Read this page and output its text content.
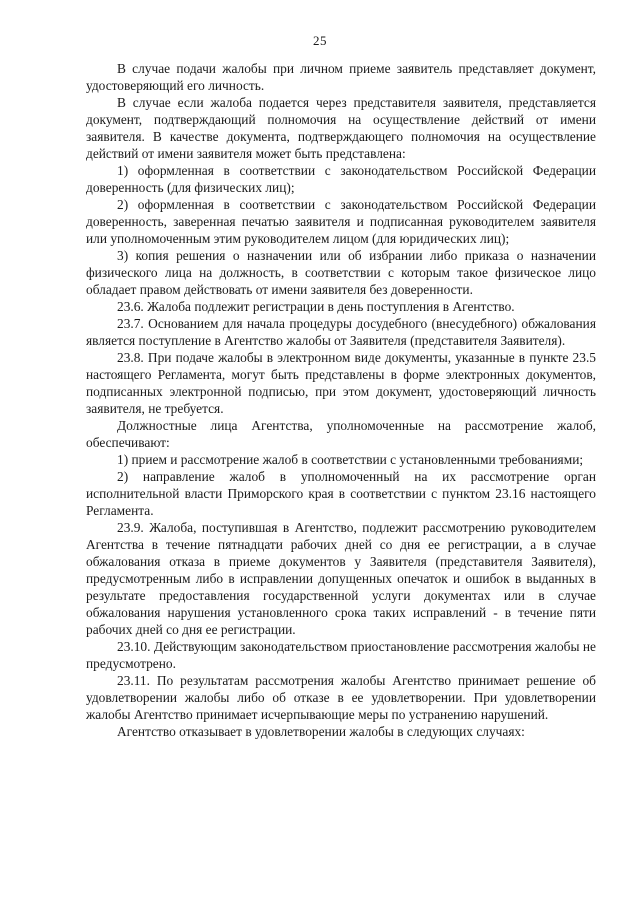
25

В случае подачи жалобы при личном приеме заявитель представляет документ, удостоверяющий его личность.

В случае если жалоба подается через представителя заявителя, представляется документ, подтверждающий полномочия на осуществление действий от имени заявителя. В качестве документа, подтверждающего полномочия на осуществление действий от имени заявителя может быть представлена:

1) оформленная в соответствии с законодательством Российской Федерации доверенность (для физических лиц);

2) оформленная в соответствии с законодательством Российской Федерации доверенность, заверенная печатью заявителя и подписанная руководителем заявителя или уполномоченным этим руководителем лицом (для юридических лиц);

3) копия решения о назначении или об избрании либо приказа о назначении физического лица на должность, в соответствии с которым такое физическое лицо обладает правом действовать от имени заявителя без доверенности.

23.6. Жалоба подлежит регистрации в день поступления в Агентство.

23.7. Основанием для начала процедуры досудебного (внесудебного) обжалования является поступление в Агентство жалобы от Заявителя (представителя Заявителя).

23.8. При подаче жалобы в электронном виде документы, указанные в пункте 23.5 настоящего Регламента, могут быть представлены в форме электронных документов, подписанных электронной подписью, при этом документ, удостоверяющий личность заявителя, не требуется.

Должностные лица Агентства, уполномоченные на рассмотрение жалоб, обеспечивают:

1) прием и рассмотрение жалоб в соответствии с установленными требованиями;

2) направление жалоб в уполномоченный на их рассмотрение орган исполнительной власти Приморского края в соответствии с пунктом 23.16 настоящего Регламента.

23.9. Жалоба, поступившая в Агентство, подлежит рассмотрению руководителем Агентства в течение пятнадцати рабочих дней со дня ее регистрации, а в случае обжалования отказа в приеме документов у Заявителя (представителя Заявителя), предусмотренным либо в исправлении допущенных опечаток и ошибок в выданных в результате предоставления государственной услуги документах или в случае обжалования нарушения установленного срока таких исправлений - в течение пяти рабочих дней со дня ее регистрации.

23.10. Действующим законодательством приостановление рассмотрения жалобы не предусмотрено.

23.11. По результатам рассмотрения жалобы Агентство принимает решение об удовлетворении жалобы либо об отказе в ее удовлетворении. При удовлетворении жалобы Агентство принимает исчерпывающие меры по устранению нарушений.

Агентство отказывает в удовлетворении жалобы в следующих случаях:
